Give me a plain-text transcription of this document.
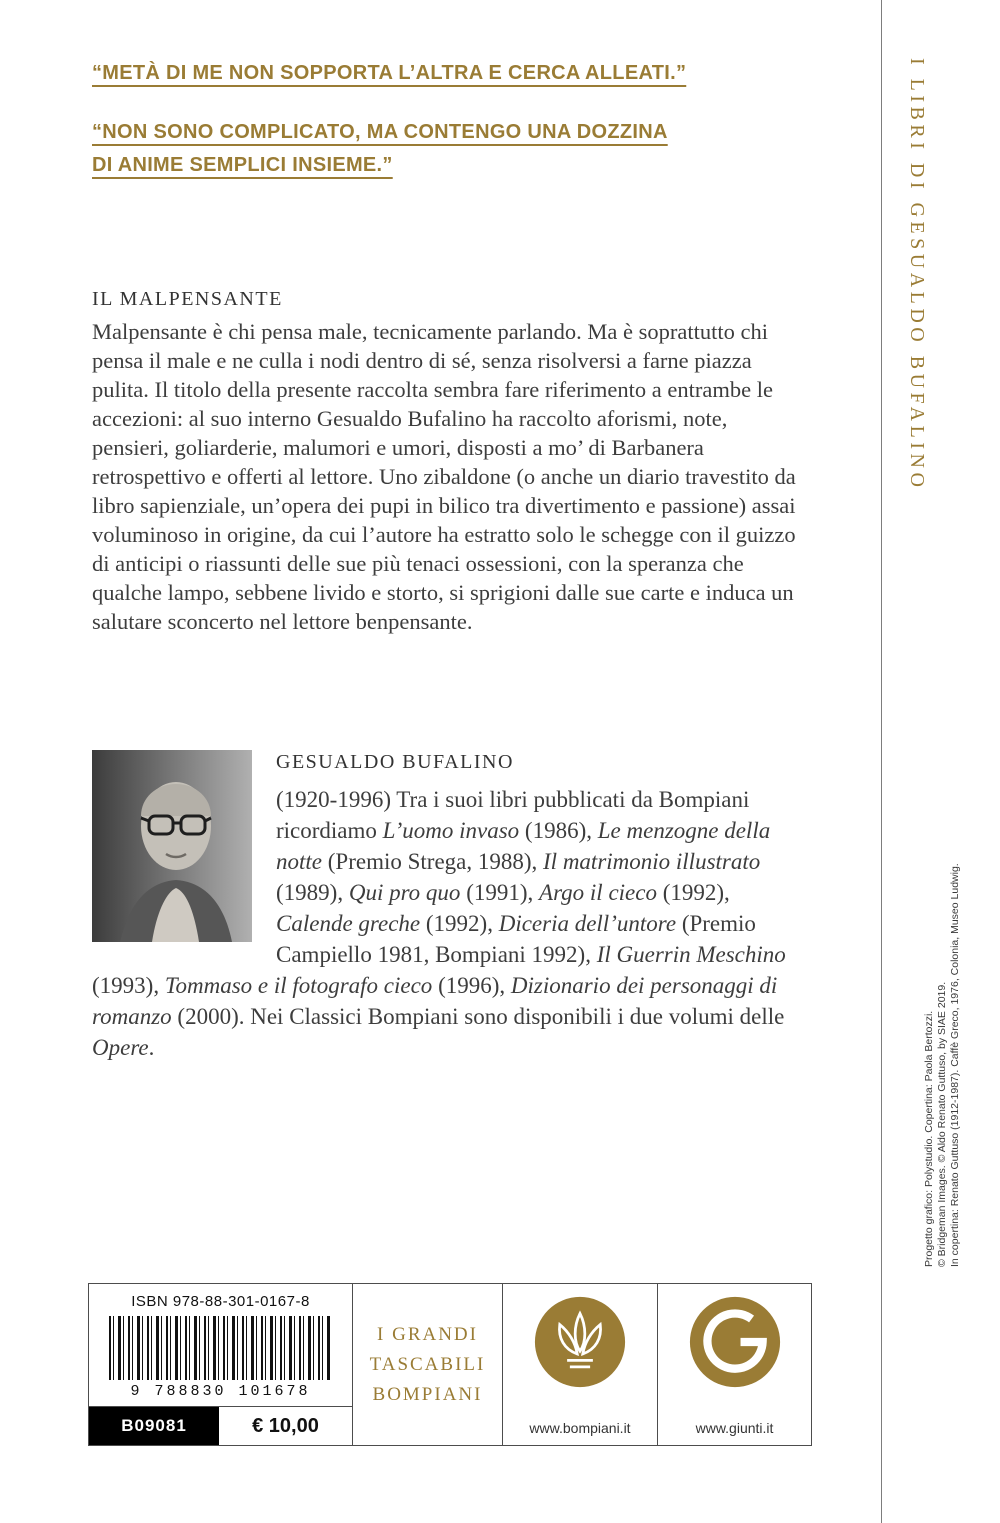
“METÀ DI ME NON SOPPORTA L’ALTRA E CERCA ALLEATI.”
“NON SONO COMPLICATO, MA CONTENGO UNA DOZZINA
DI ANIME SEMPLICI INSIEME.”	I LIBRI DI GESUALDO BUFALINO
IL MALPENSANTE
Malpensante è chi pensa male, tecnicamente parlando. Ma è soprattutto chi pensa il male e ne culla i nodi dentro di sé, senza risolversi a farne piazza pulita. Il titolo della presente raccolta sembra fare riferimento a entrambe le accezioni: al suo interno Gesualdo Bufalino ha raccolto aforismi, note, pensieri, goliarderie, malumori e umori, disposti a mo’ di Barbanera retrospettivo e offerti al lettore. Uno zibaldone (o anche un diario travestito da libro sapienziale, un’opera dei pupi in bilico tra divertimento e passione) assai voluminoso in origine, da cui l’autore ha estratto solo le schegge con il guizzo di anticipi o riassunti delle sue più tenaci ossessioni, con la speranza che qualche lampo, sebbene livido e storto, si sprigioni dalle sue carte e induca un salutare sconcerto nel lettore benpensante.
GESUALDO BUFALINO
(1920-1996) Tra i suoi libri pubblicati da Bompiani ricordiamo L’uomo invaso (1986), Le menzogne della notte (Premio Strega, 1988), Il matrimonio illustrato (1989), Qui pro quo (1991), Argo il cieco (1992), Calende greche (1992), Diceria dell’untore (Premio Campiello 1981, Bompiani 1992), Il Guerrin Meschino (1993), Tommaso e il fotografo cieco (1996), Dizionario dei personaggi di romanzo (2000). Nei Classici Bompiani sono disponibili i due volumi delle Opere.	In copertina: Renato Guttuso (1912-1987). Caffè Greco, 1976, Colonia, Museo Ludwig.
© Bridgeman Images. © Aldo Renato Guttuso, by SIAE 2019.
Progetto grafico: Polystudio. Copertina: Paola Bertozzi.
ISBN 978-88-301-0167-8
9 788830 101678
B09081	€ 10,00
I GRANDI
TASCABILI
BOMPIANI
www.bompiani.it	www.giunti.it
